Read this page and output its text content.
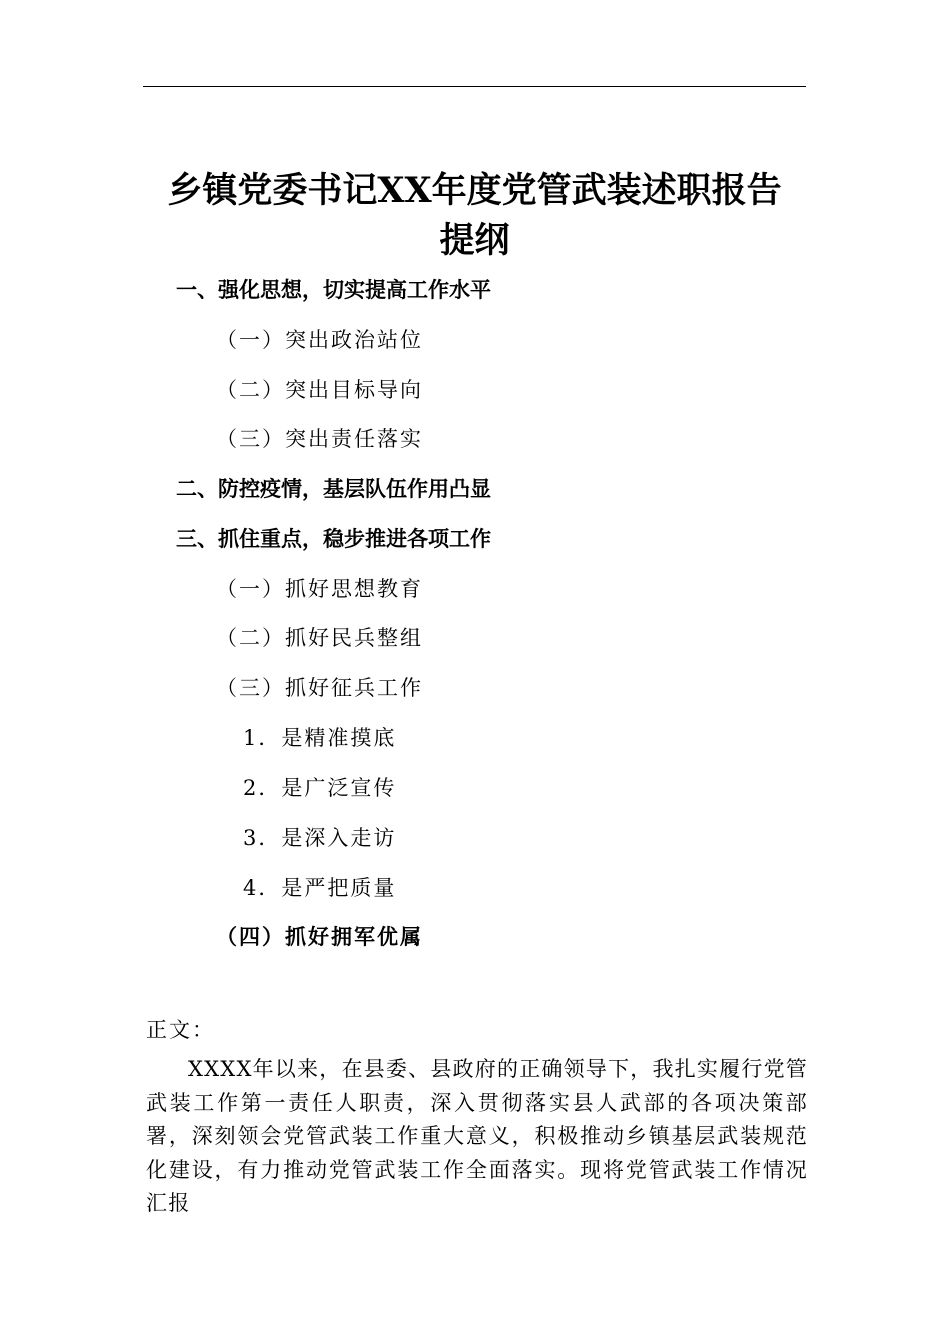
乡镇党委书记XX年度党管武装述职报告
提纲
一、强化思想，切实提高工作水平
（一）突出政治站位
（二）突出目标导向
（三）突出责任落实
二、防控疫情，基层队伍作用凸显
三、抓住重点，稳步推进各项工作
（一）抓好思想教育
（二）抓好民兵整组
（三）抓好征兵工作
1．是精准摸底
2．是广泛宣传
3．是深入走访
4．是严把质量
（四）抓好拥军优属
正文：

XXXX年以来，在县委、县政府的正确领导下，我扎实履行党管武装工作第一责任人职责，深入贯彻落实县人武部的各项决策部署，深刻领会党管武装工作重大意义，积极推动乡镇基层武装规范化建设，有力推动党管武装工作全面落实。现将党管武装工作情况汇报
